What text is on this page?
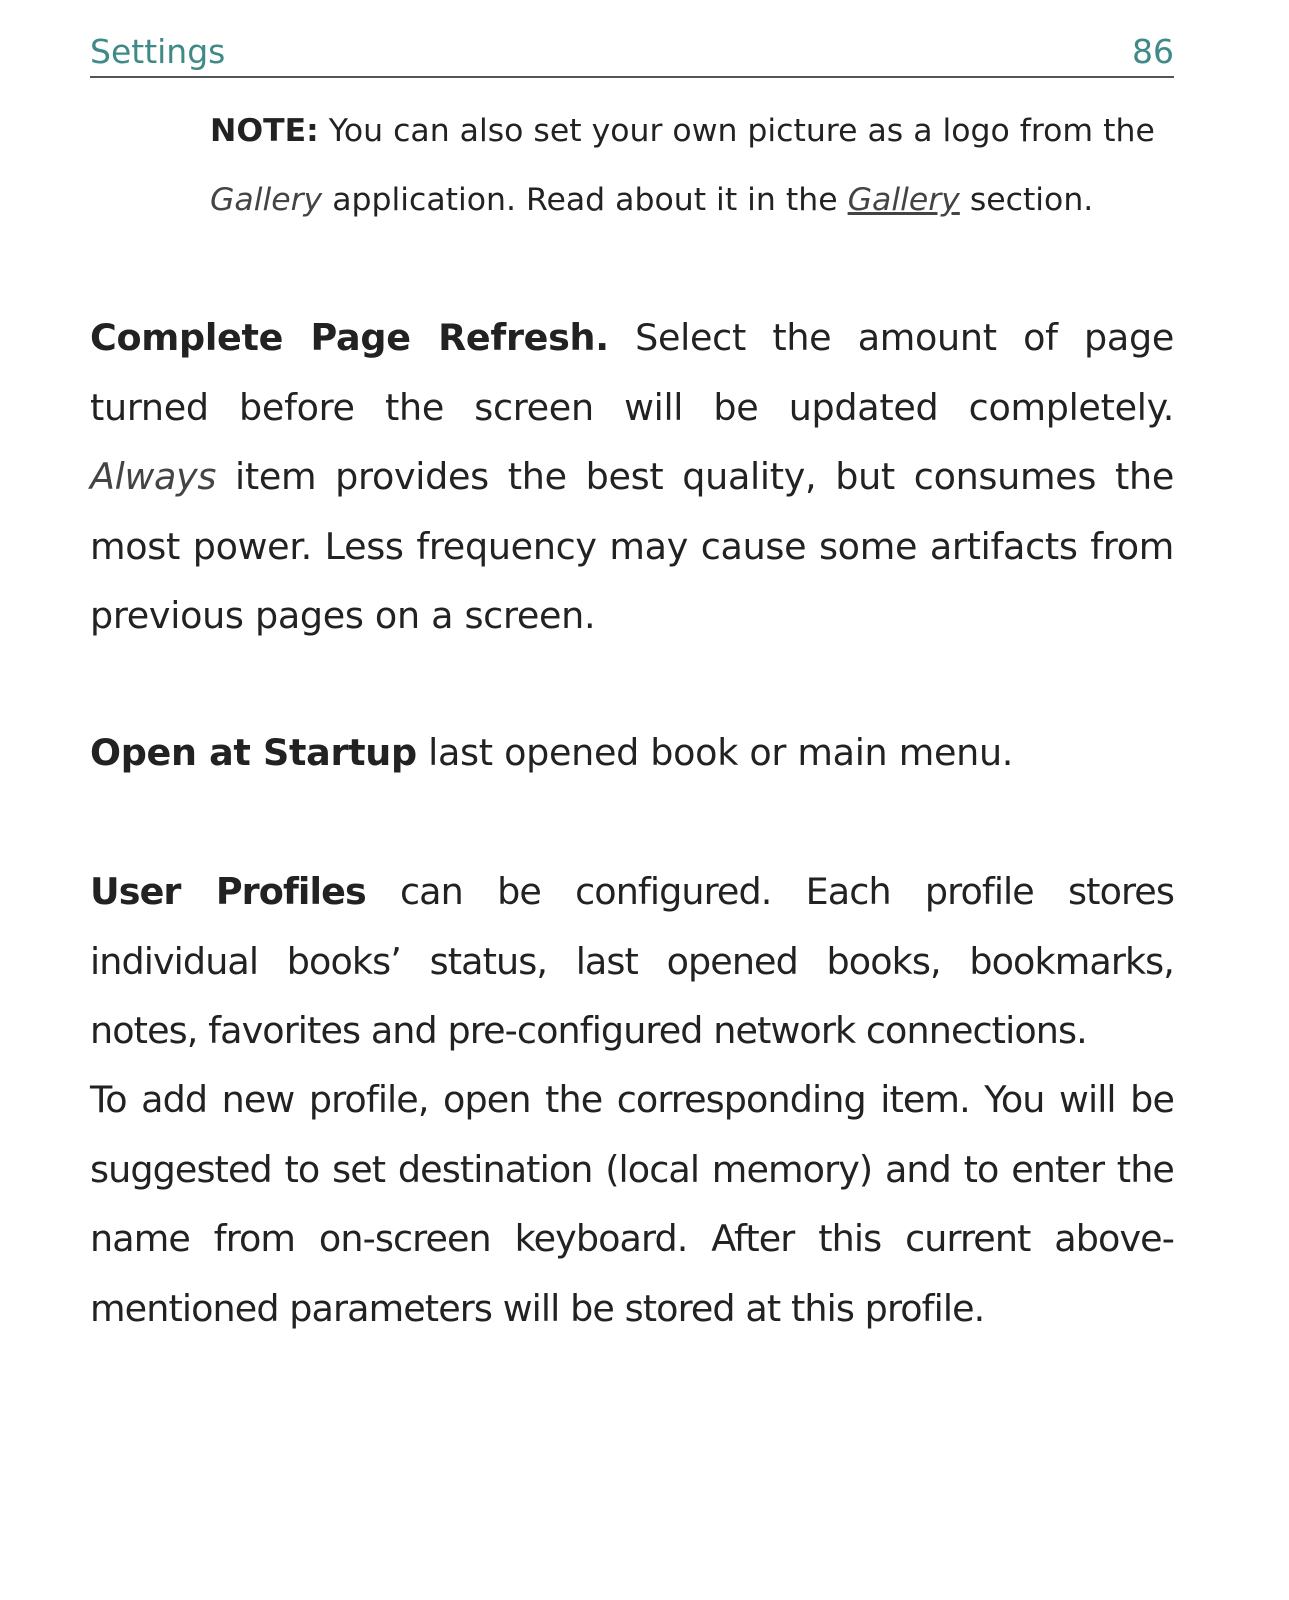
Settings	86
NOTE: You can also set your own picture as a logo from the Gallery application. Read about it in the Gallery section.
Complete Page Refresh. Select the amount of page turned before the screen will be updated completely. Always item provides the best quality, but consumes the most power. Less frequency may cause some artifacts from previous pages on a screen.
Open at Startup last opened book or main menu.
User Profiles can be configured. Each profile stores individual books’ status, last opened books, bookmarks, notes, favorites and pre-configured network connections.
To add new profile, open the corresponding item. You will be suggested to set destination (local memory) and to enter the name from on-screen keyboard. After this current above-mentioned parameters will be stored at this profile.
